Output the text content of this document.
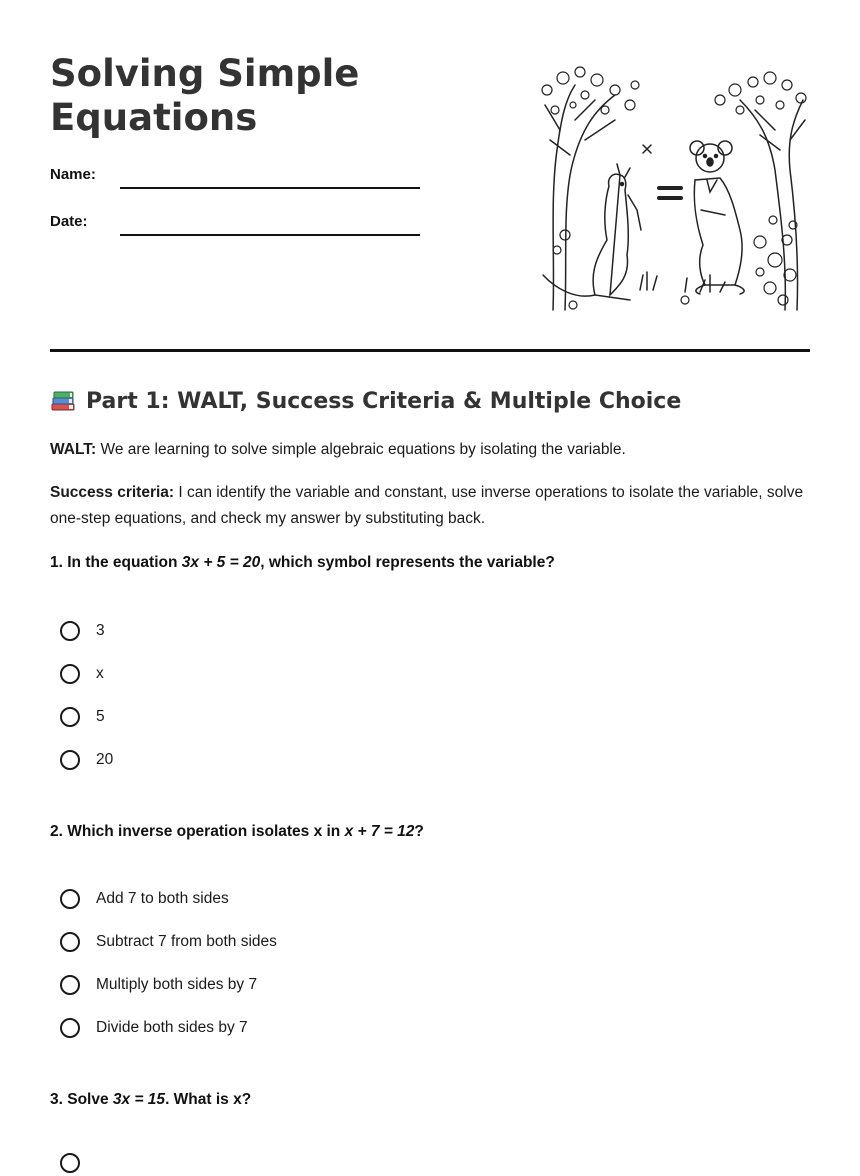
Solving Simple Equations
Name:
Date:
Part 1: WALT, Success Criteria & Multiple Choice

WALT: We are learning to solve simple algebraic equations by isolating the variable.

Success criteria: I can identify the variable and constant, use inverse operations to isolate the variable, solve one-step equations, and check my answer by substituting back.

1. In the equation 3x + 5 = 20, which symbol represents the variable?

3
x
5
20

2. Which inverse operation isolates x in x + 7 = 12?

Add 7 to both sides
Subtract 7 from both sides
Multiply both sides by 7
Divide both sides by 7

3. Solve 3x = 15. What is x?
